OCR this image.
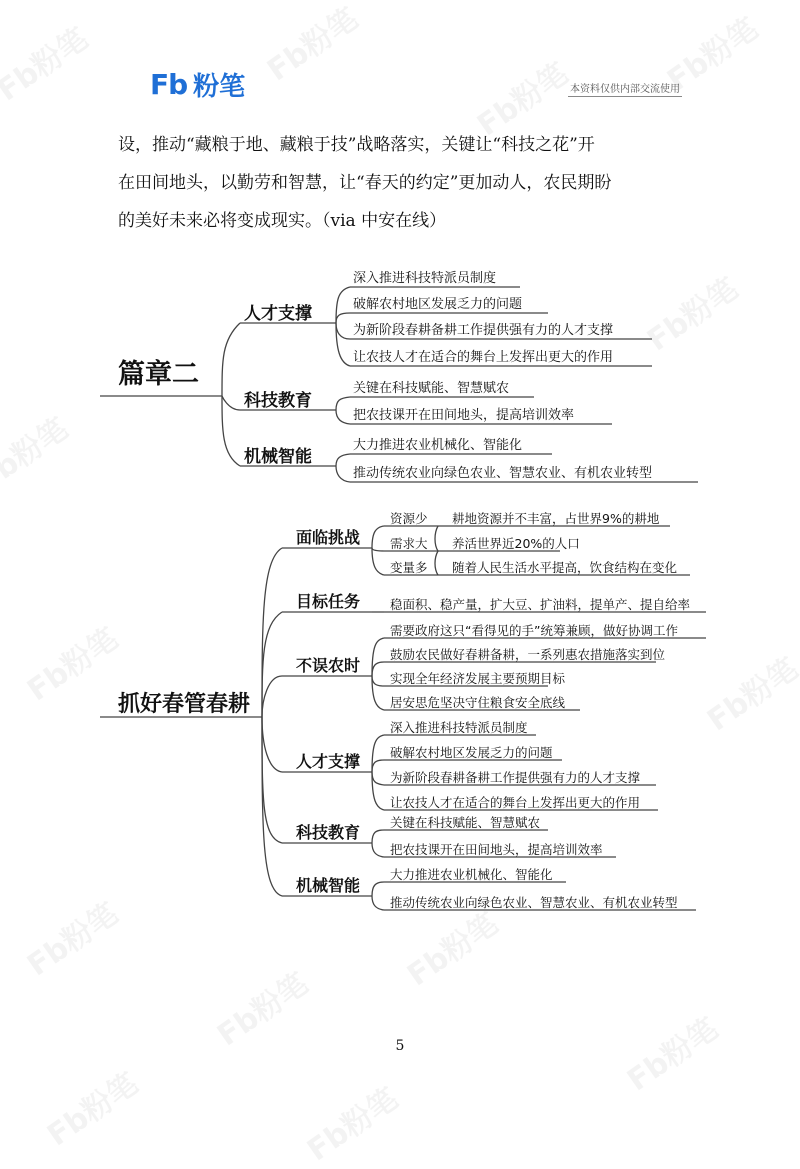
Fb 粉笔	本资料仅供内部交流使用

设，推动“藏粮于地、藏粮于技”战略落实，关键让“科技之花”开

在田间地头，以勤劳和智慧，让“春天的约定”更加动人，农民期盼

的美好未来必将变成现实。（via 中安在线）

篇章二
人才支撑
科技教育
机械智能
深入推进科技特派员制度
破解农村地区发展乏力的问题
为新阶段春耕备耕工作提供强有力的人才支撑
让农技人才在适合的舞台上发挥出更大的作用
关键在科技赋能、智慧赋农
把农技课开在田间地头，提高培训效率
大力推进农业机械化、智能化
推动传统农业向绿色农业、智慧农业、有机农业转型
抓好春管春耕
面临挑战
目标任务
不误农时
人才支撑
科技教育
机械智能
资源少 耕地资源并不丰富，占世界9%的耕地
需求大 养活世界近20%的人口
变量多 随着人民生活水平提高，饮食结构在变化
稳面积、稳产量，扩大豆、扩油料，提单产、提自给率
需要政府这只“看得见的手”统筹兼顾，做好协调工作
鼓励农民做好春耕备耕，一系列惠农措施落实到位
实现全年经济发展主要预期目标
居安思危坚决守住粮食安全底线
深入推进科技特派员制度
破解农村地区发展乏力的问题
为新阶段春耕备耕工作提供强有力的人才支撑
让农技人才在适合的舞台上发挥出更大的作用
关键在科技赋能、智慧赋农
把农技课开在田间地头，提高培训效率
大力推进农业机械化、智能化
推动传统农业向绿色农业、智慧农业、有机农业转型
5
